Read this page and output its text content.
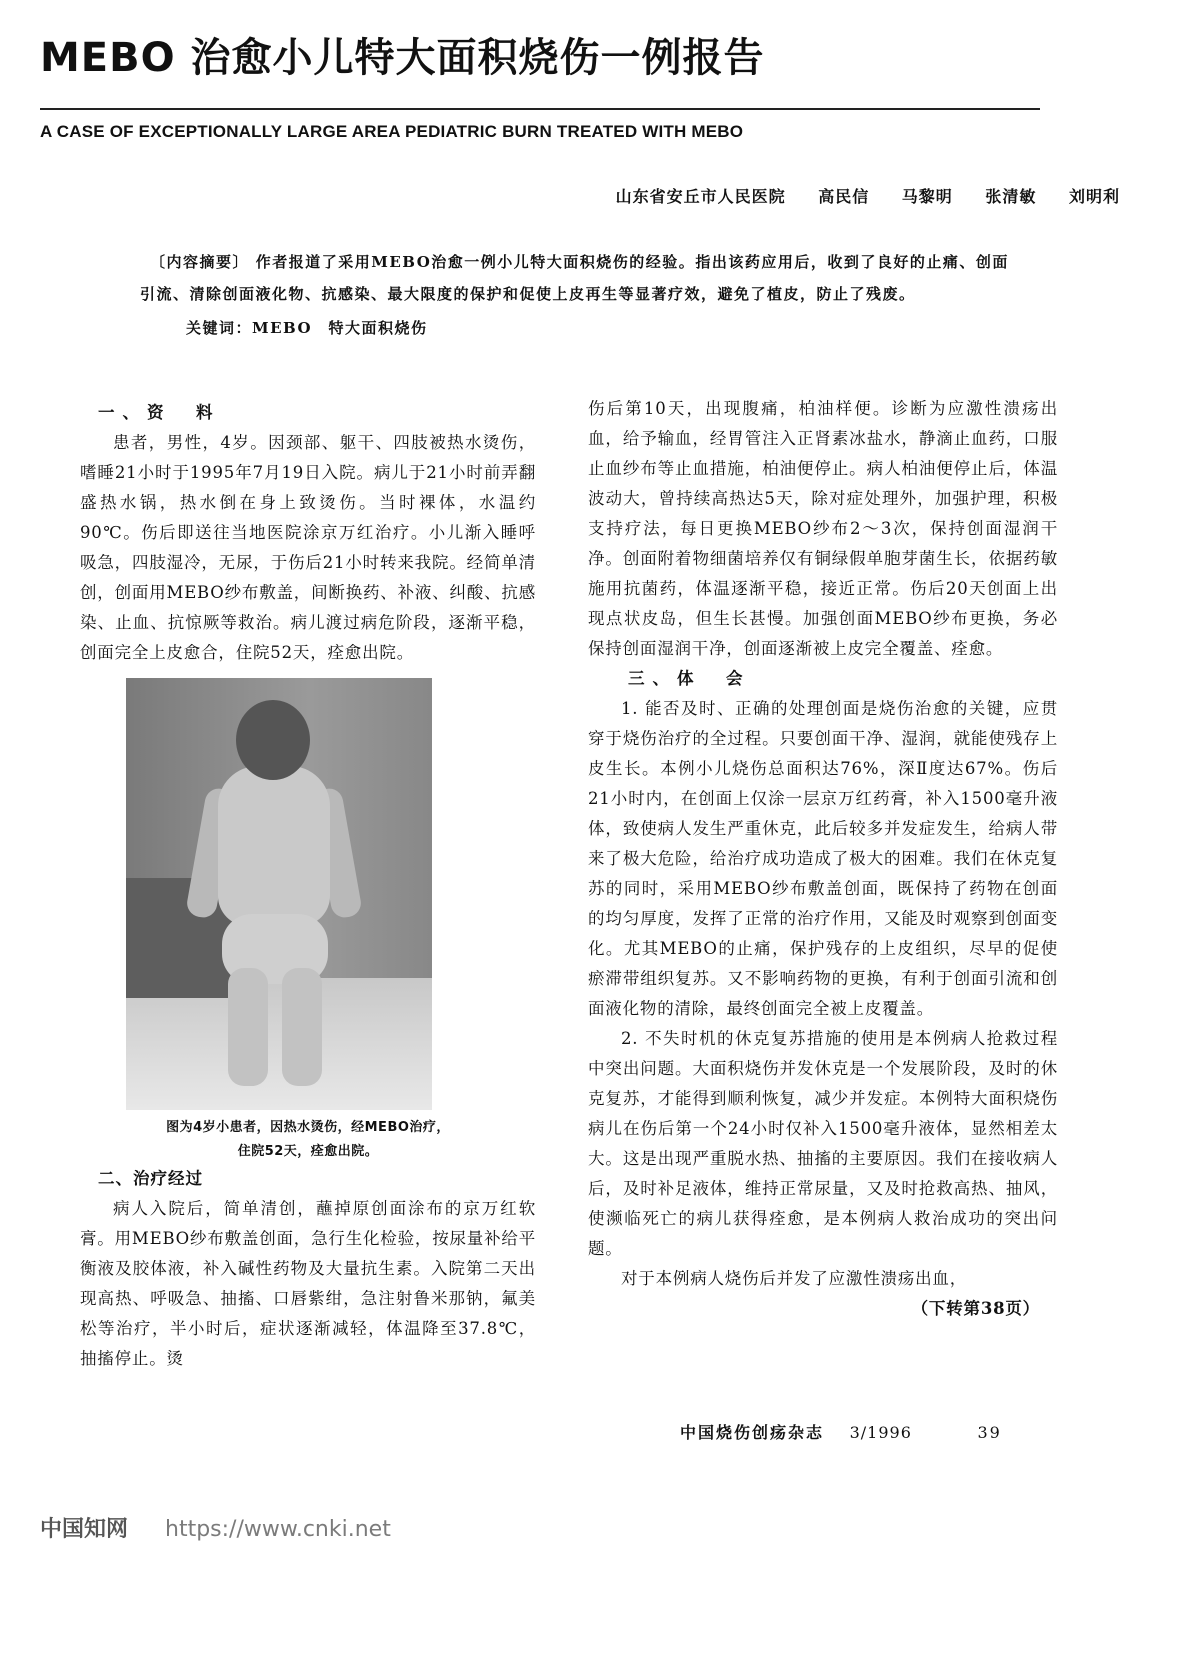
MEBO 治愈小儿特大面积烧伤一例报告
A CASE OF EXCEPTIONALLY LARGE AREA PEDIATRIC BURN TREATED WITH MEBO
山东省安丘市人民医院 高民信 马黎明 张清敏 刘明利

〔内容摘要〕 作者报道了采用MEBO治愈一例小儿特大面积烧伤的经验。指出该药应用后，收到了良好的止痛、创面引流、清除创面液化物、抗感染、最大限度的保护和促使上皮再生等显著疗效，避免了植皮，防止了残废。

关键词：MEBO　特大面积烧伤

一、资　料

患者，男性，4岁。因颈部、躯干、四肢被热水烫伤，嗜睡21小时于1995年7月19日入院。病儿于21小时前弄翻盛热水锅，热水倒在身上致烫伤。当时裸体，水温约90℃。伤后即送往当地医院涂京万红治疗。小儿渐入睡呼吸急，四肢湿冷，无尿，于伤后21小时转来我院。经简单清创，创面用MEBO纱布敷盖，间断换药、补液、纠酸、抗感染、止血、抗惊厥等救治。病儿渡过病危阶段，逐渐平稳，创面完全上皮愈合，住院52天，痊愈出院。

图为4岁小患者，因热水烫伤，经MEBO治疗，
住院52天，痊愈出院。
二、治疗经过

病人入院后，简单清创，蘸掉原创面涂布的京万红软膏。用MEBO纱布敷盖创面，急行生化检验，按尿量补给平衡液及胶体液，补入碱性药物及大量抗生素。入院第二天出现高热、呼吸急、抽搐、口唇紫绀，急注射鲁米那钠，氟美松等治疗，半小时后，症状逐渐减轻，体温降至37.8℃，抽搐停止。烫

伤后第10天，出现腹痛，柏油样便。诊断为应激性溃疡出血，给予输血，经胃管注入正肾素冰盐水，静滴止血药，口服止血纱布等止血措施，柏油便停止。病人柏油便停止后，体温波动大，曾持续高热达5天，除对症处理外，加强护理，积极支持疗法，每日更换MEBO纱布2～3次，保持创面湿润干净。创面附着物细菌培养仅有铜绿假单胞芽菌生长，依据药敏施用抗菌药，体温逐渐平稳，接近正常。伤后20天创面上出现点状皮岛，但生长甚慢。加强创面MEBO纱布更换，务必保持创面湿润干净，创面逐渐被上皮完全覆盖、痊愈。

三、体　会

1. 能否及时、正确的处理创面是烧伤治愈的关键，应贯穿于烧伤治疗的全过程。只要创面干净、湿润，就能使残存上皮生长。本例小儿烧伤总面积达76%，深Ⅱ度达67%。伤后21小时内，在创面上仅涂一层京万红药膏，补入1500毫升液体，致使病人发生严重休克，此后较多并发症发生，给病人带来了极大危险，给治疗成功造成了极大的困难。我们在休克复苏的同时，采用MEBO纱布敷盖创面，既保持了药物在创面的均匀厚度，发挥了正常的治疗作用，又能及时观察到创面变化。尤其MEBO的止痛，保护残存的上皮组织，尽早的促使瘀滞带组织复苏。又不影响药物的更换，有利于创面引流和创面液化物的清除，最终创面完全被上皮覆盖。

2. 不失时机的休克复苏措施的使用是本例病人抢救过程中突出问题。大面积烧伤并发休克是一个发展阶段，及时的休克复苏，才能得到顺利恢复，减少并发症。本例特大面积烧伤病儿在伤后第一个24小时仅补入1500毫升液体，显然相差太大。这是出现严重脱水热、抽搐的主要原因。我们在接收病人后，及时补足液体，维持正常尿量，又及时抢救高热、抽风，使濒临死亡的病儿获得痊愈，是本例病人救治成功的突出问题。

对于本例病人烧伤后并发了应激性溃疡出血，

（下转第38页）

中国烧伤创疡杂志 3/1996	39
中国知网 https://www.cnki.net
